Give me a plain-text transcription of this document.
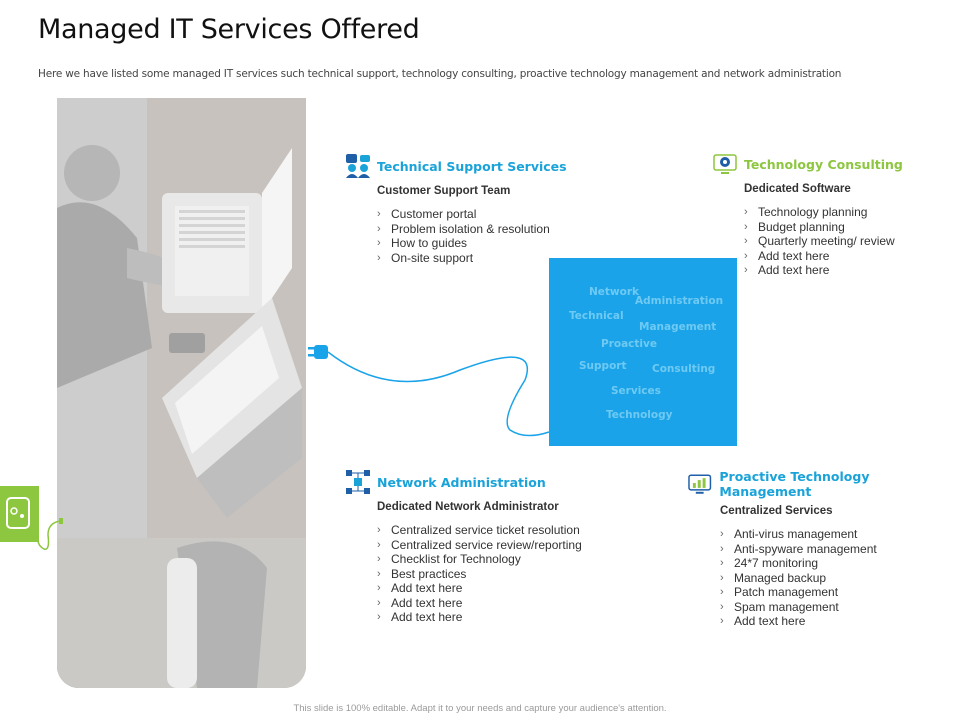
Managed IT Services Offered
Here we have listed some managed IT services such technical support, technology consulting, proactive technology management and network administration
Network
Administration
Technical
Management
Proactive
Support Consulting
Services
Technology
Technical Support Services
Customer Support Team
› Customer portal
› Problem isolation & resolution
› How to guides
› On-site support
Technology Consulting
Dedicated Software
› Technology planning
› Budget planning
› Quarterly meeting/ review
› Add text here
› Add text here
Network Administration
Dedicated Network Administrator
› Centralized service ticket resolution
› Centralized service review/reporting
› Checklist for Technology
› Best practices
› Add text here
› Add text here
› Add text here
Proactive Technology Management
Centralized Services
› Anti-virus management
› Anti-spyware management
› 24*7 monitoring
› Managed backup
› Patch management
› Spam management
› Add text here
This slide is 100% editable. Adapt it to your needs and capture your audience's attention.
